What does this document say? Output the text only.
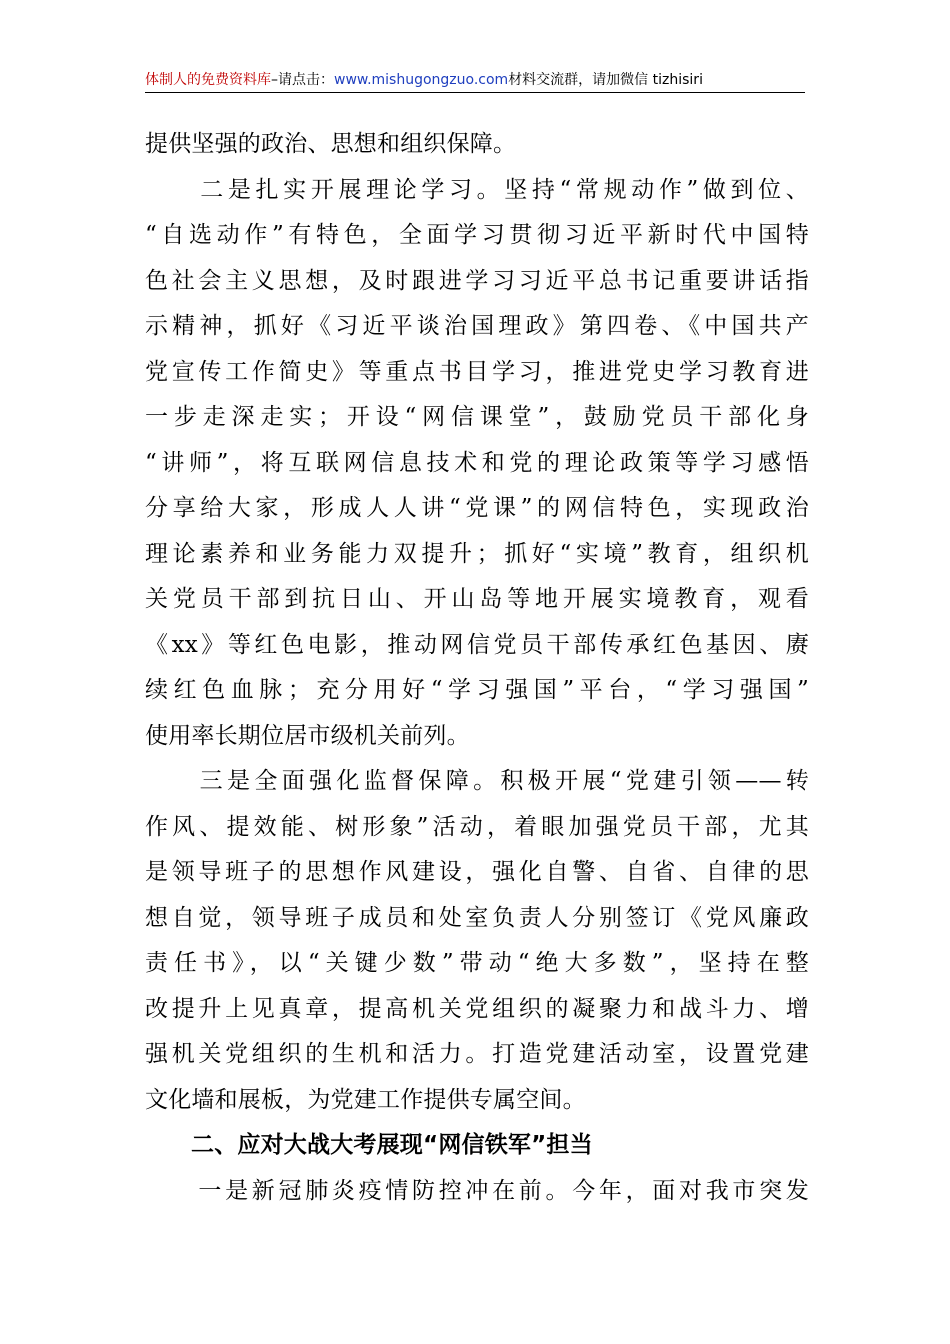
体制人的免费资料库–请点击：www.mishugongzuo.com材料交流群，请加微信 tizhisiri
提供坚强的政治、思想和组织保障。
　　二是扎实开展理论学习。坚持“常规动作”做到位、
“自选动作”有特色，全面学习贯彻习近平新时代中国特
色社会主义思想，及时跟进学习习近平总书记重要讲话指
示精神，抓好《习近平谈治国理政》第四卷、《中国共产
党宣传工作简史》等重点书目学习，推进党史学习教育进
一步走深走实；开设“网信课堂”，鼓励党员干部化身
“讲师”，将互联网信息技术和党的理论政策等学习感悟
分享给大家，形成人人讲“党课”的网信特色，实现政治
理论素养和业务能力双提升；抓好“实境”教育，组织机
关党员干部到抗日山、开山岛等地开展实境教育，观看
《xx》等红色电影，推动网信党员干部传承红色基因、赓
续红色血脉；充分用好“学习强国”平台，“学习强国”
使用率长期位居市级机关前列。
　　三是全面强化监督保障。积极开展“党建引领——转
作风、提效能、树形象”活动，着眼加强党员干部，尤其
是领导班子的思想作风建设，强化自警、自省、自律的思
想自觉，领导班子成员和处室负责人分别签订《党风廉政
责任书》，以“关键少数”带动“绝大多数”，坚持在整
改提升上见真章，提高机关党组织的凝聚力和战斗力、增
强机关党组织的生机和活力。打造党建活动室，设置党建
文化墙和展板，为党建工作提供专属空间。
二、应对大战大考展现“网信铁军”担当
　　一是新冠肺炎疫情防控冲在前。今年，面对我市突发
